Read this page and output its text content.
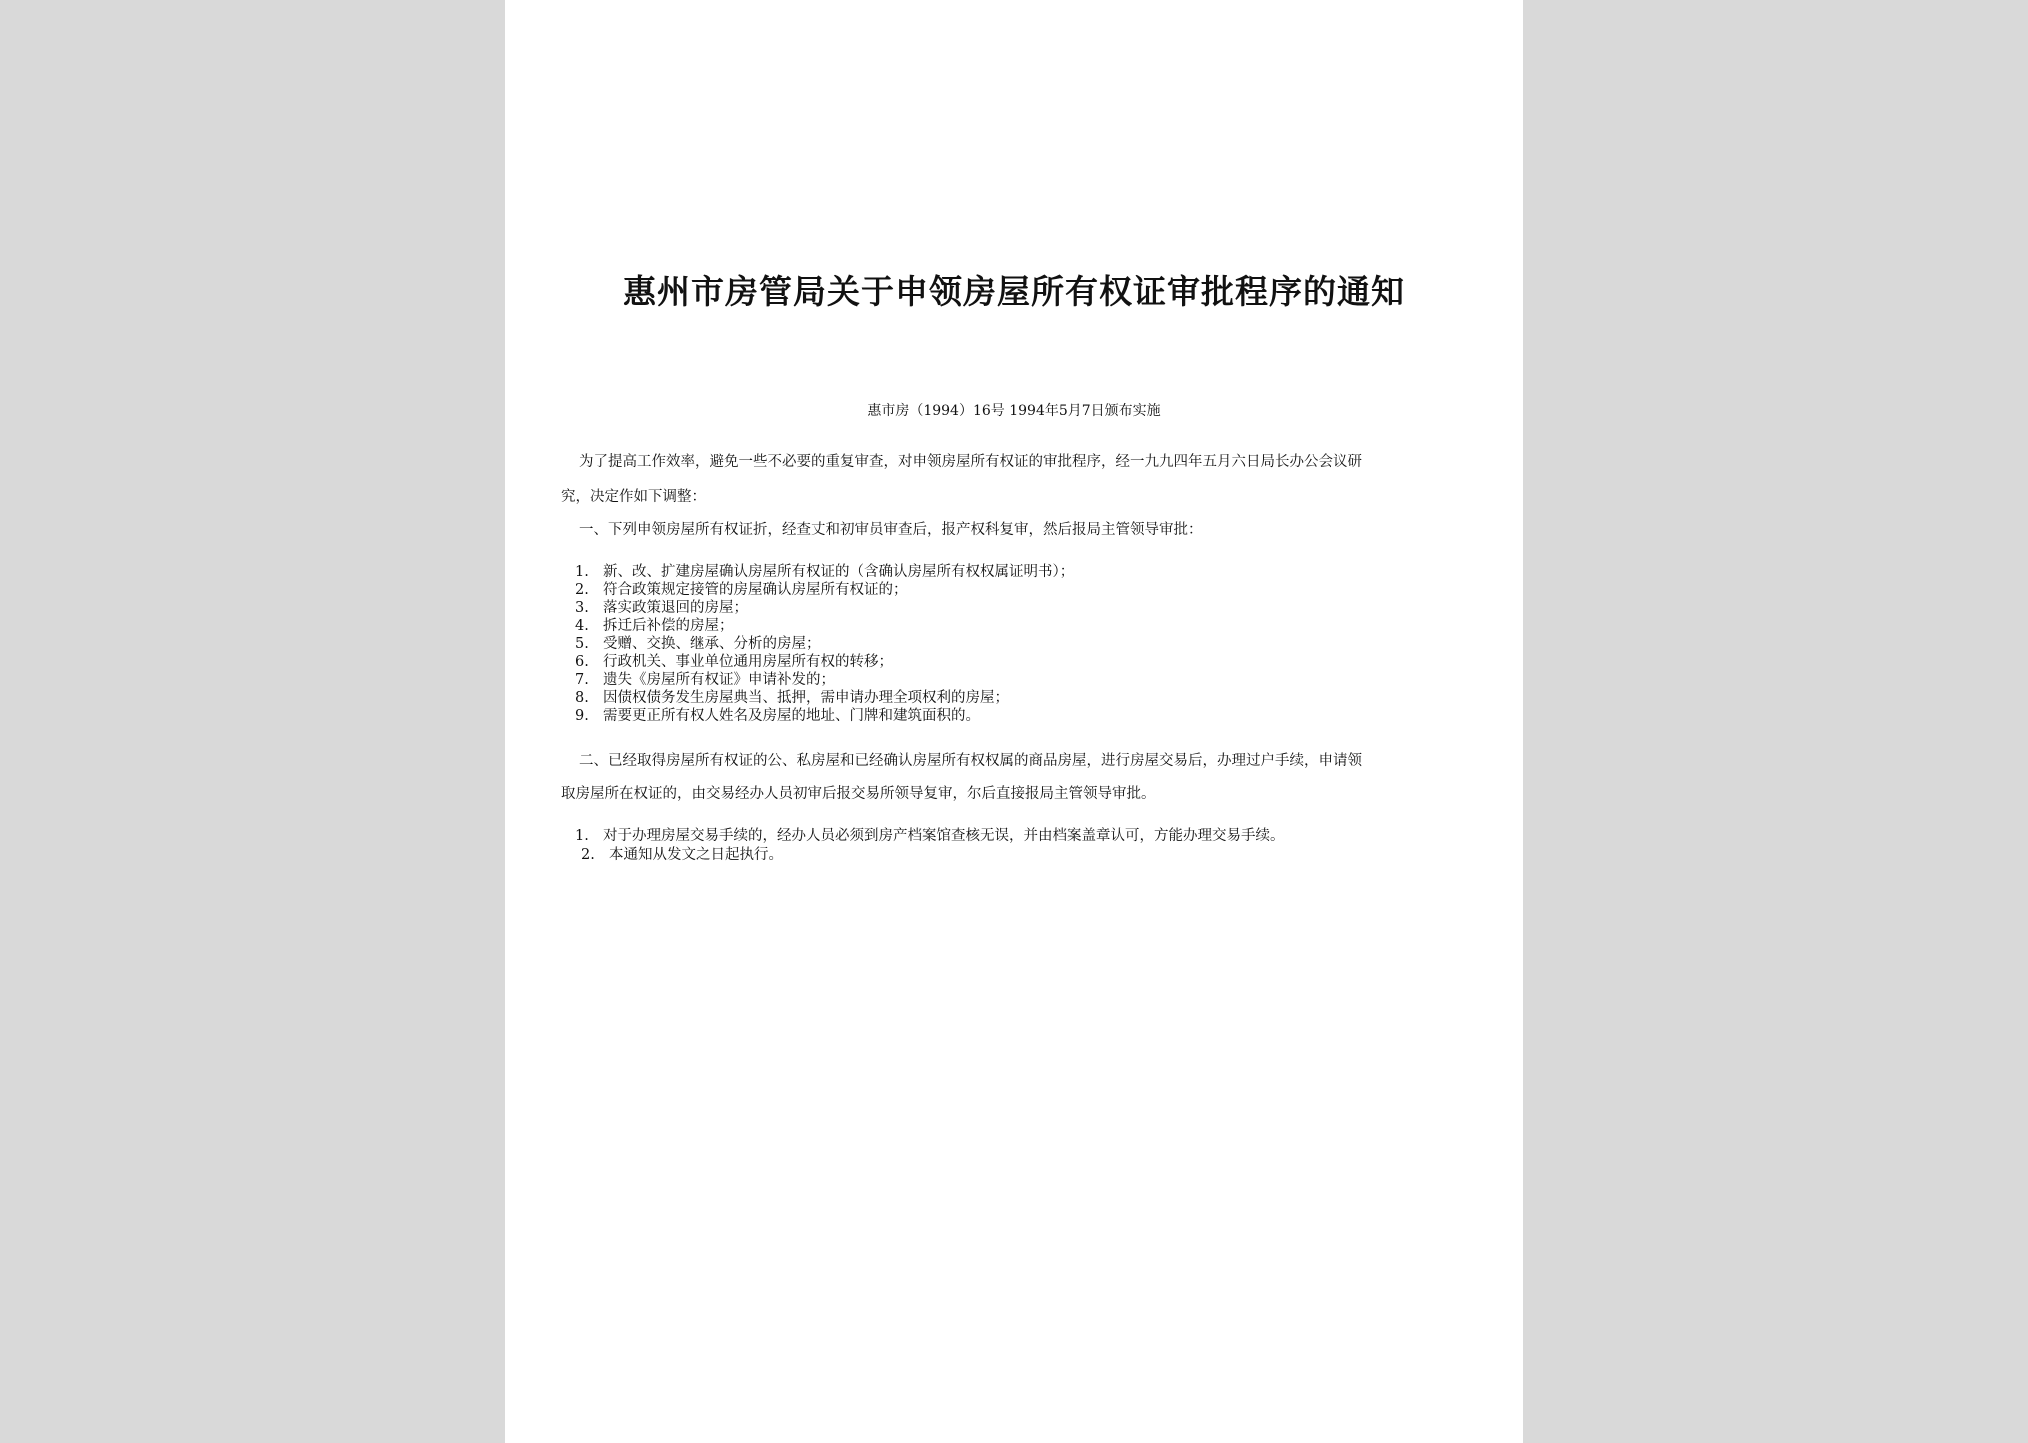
惠州市房管局关于申领房屋所有权证审批程序的通知
惠市房（1994）16号 1994年5月7日颁布实施
为了提高工作效率，避免一些不必要的重复审查，对申领房屋所有权证的审批程序，经一九九四年五月六日局长办公会议研
究，决定作如下调整：
一、下列申领房屋所有权证折，经查丈和初审员审查后，报产权科复审，然后报局主管领导审批：
1. 新、改、扩建房屋确认房屋所有权证的（含确认房屋所有权权属证明书）；
2. 符合政策规定接管的房屋确认房屋所有权证的；
3. 落实政策退回的房屋；
4. 拆迁后补偿的房屋；
5. 受赠、交换、继承、分析的房屋；
6. 行政机关、事业单位通用房屋所有权的转移；
7. 遗失《房屋所有权证》申请补发的；
8. 因债权债务发生房屋典当、抵押，需申请办理全项权利的房屋；
9. 需要更正所有权人姓名及房屋的地址、门牌和建筑面积的。
二、已经取得房屋所有权证的公、私房屋和已经确认房屋所有权权属的商品房屋，进行房屋交易后，办理过户手续，申请领
取房屋所在权证的，由交易经办人员初审后报交易所领导复审，尔后直接报局主管领导审批。
1. 对于办理房屋交易手续的，经办人员必须到房产档案馆查核无误，并由档案盖章认可，方能办理交易手续。
2. 本通知从发文之日起执行。
